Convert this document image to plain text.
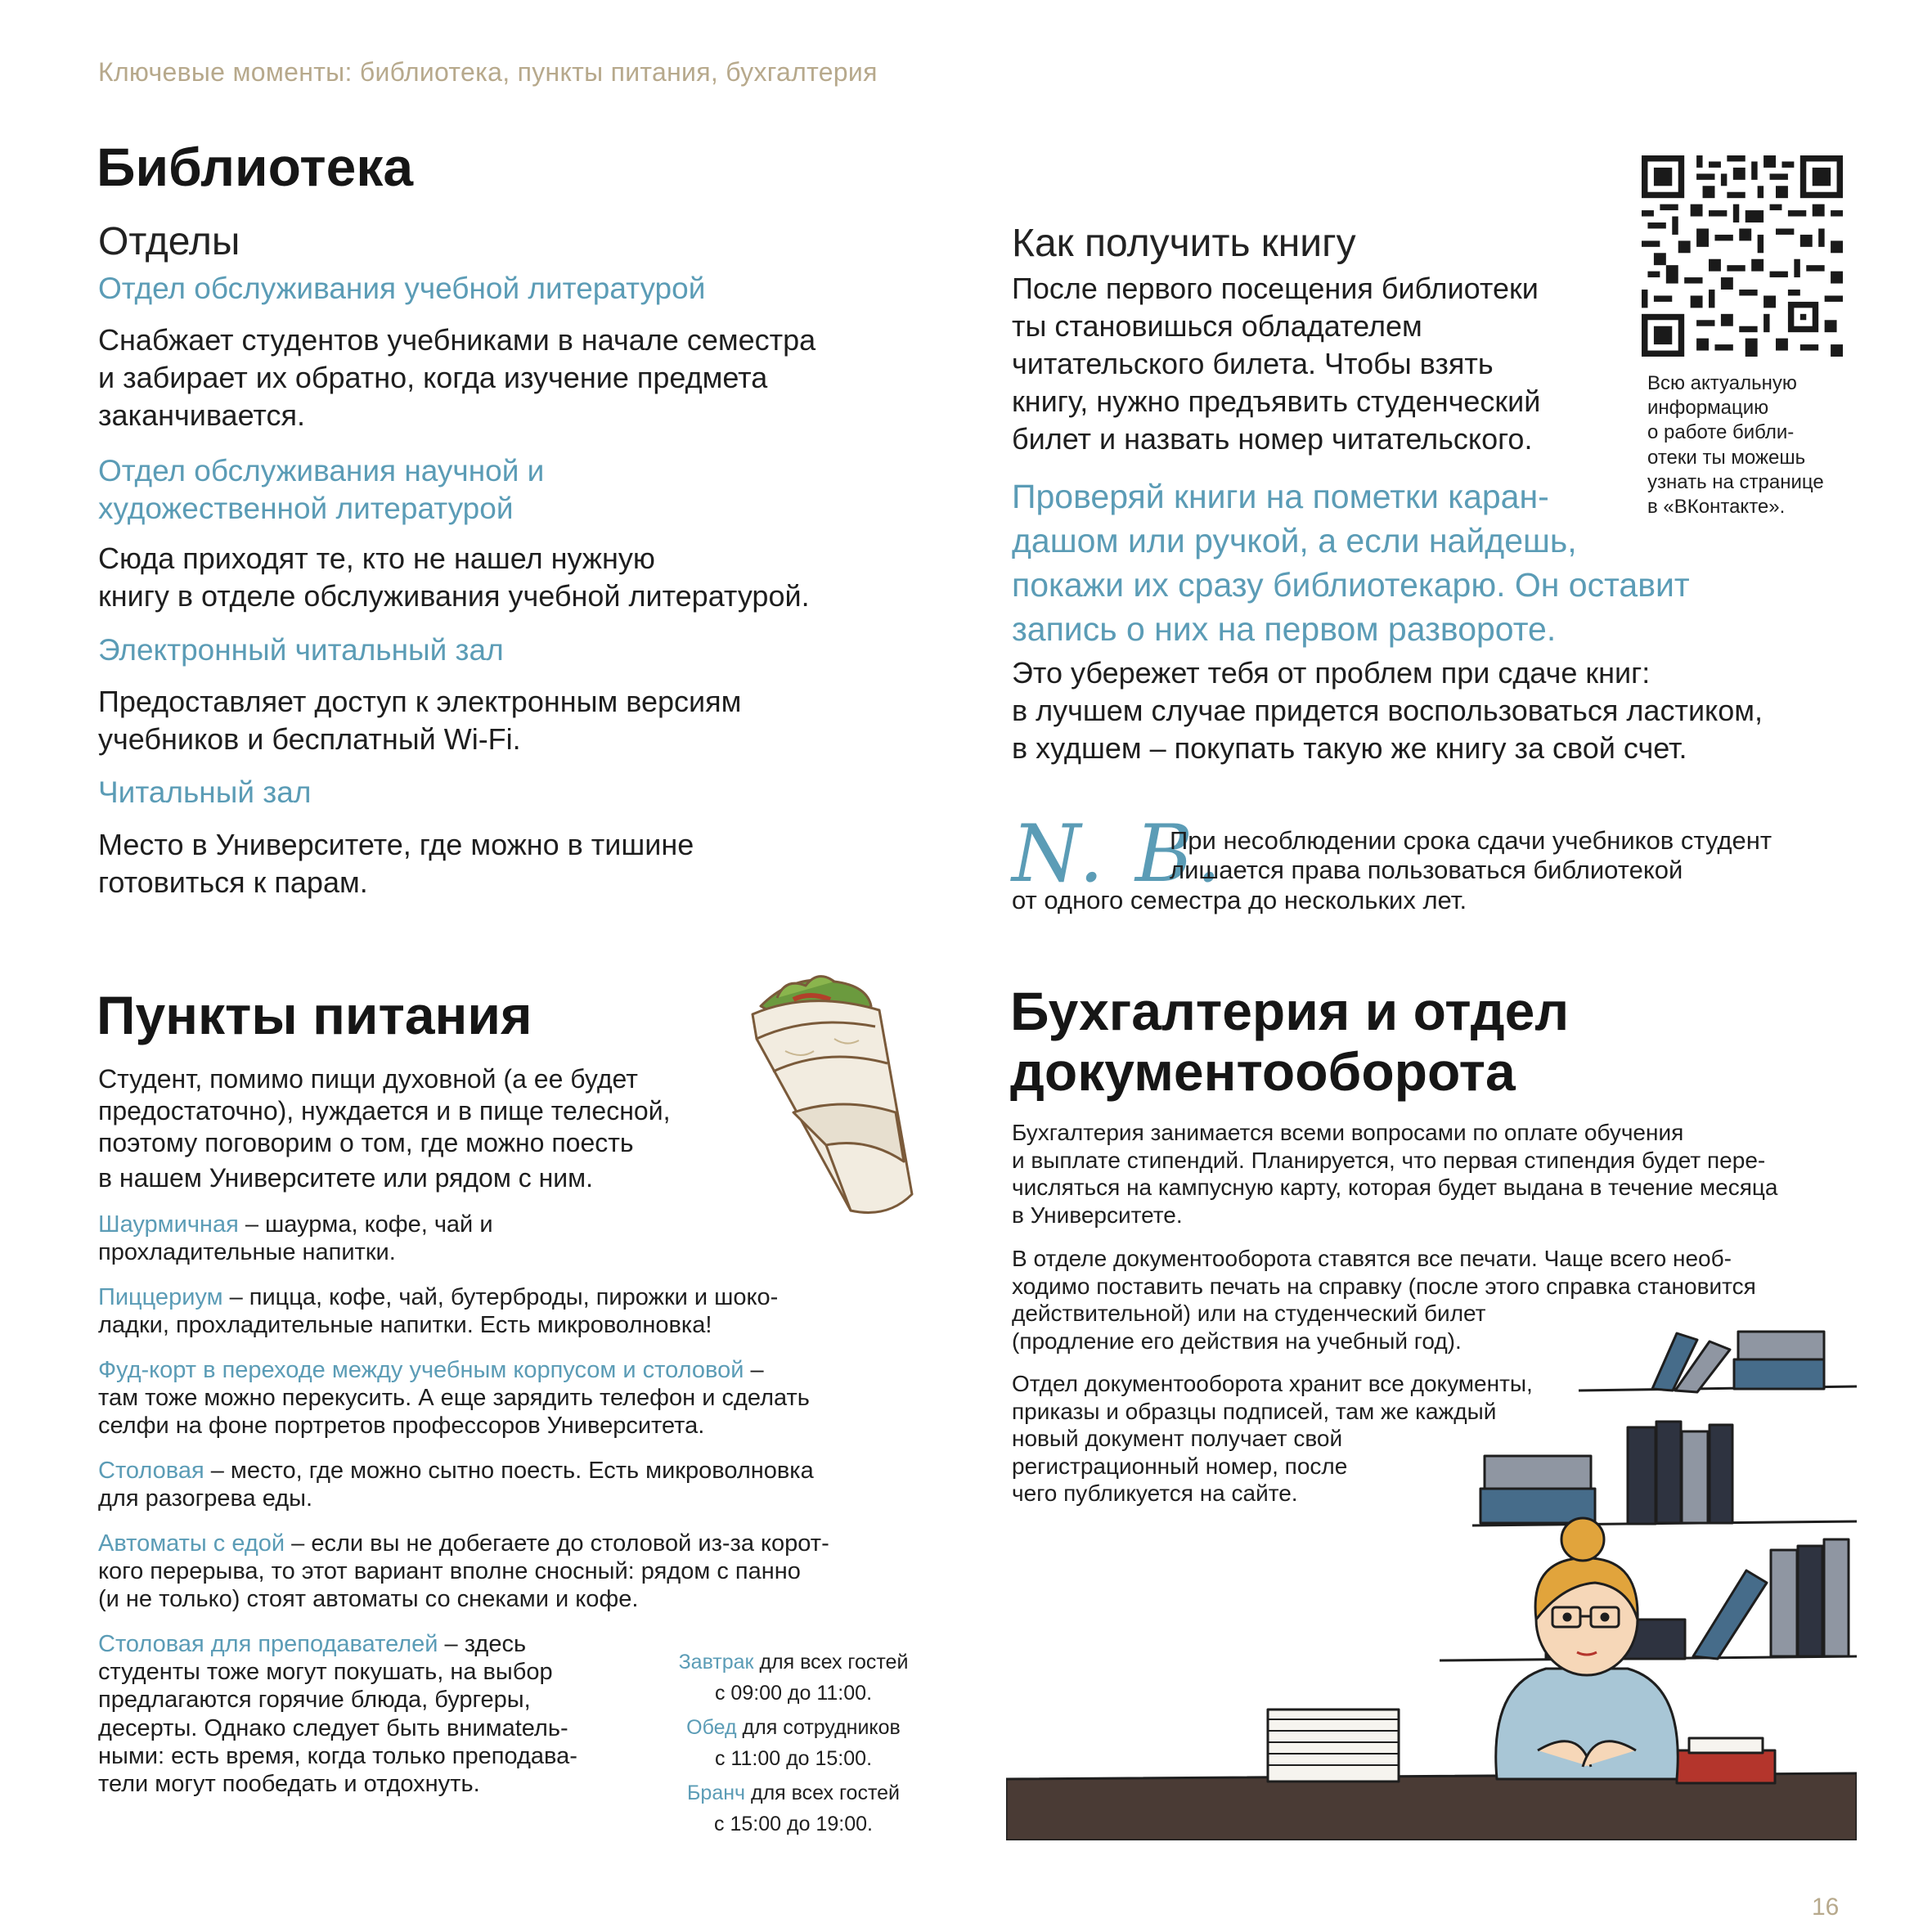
Ключевые моменты: библиотека, пункты питания, бухгалтерия
Библиотека
Отделы
Отдел обслуживания учебной литературой
Снабжает студентов учебниками в начале семестра
и забирает их обратно, когда изучение предмета
заканчивается.
Отдел обслуживания научной и
художественной литературой
Сюда приходят те, кто не нашел нужную
книгу в отделе обслуживания учебной литературой.
Электронный читальный зал
Предоставляет доступ к электронным версиям
учебников и бесплатный Wi-Fi.
Читальный зал
Место в Университете, где можно в тишине
готовиться к парам.
Как получить книгу
После первого посещения библиотеки
ты становишься обладателем
читательского билета. Чтобы взять
книгу, нужно предъявить студенческий
билет и назвать номер читательского.
Всю актуальную
информацию
о работе библи-
отеки ты можешь
узнать на странице
в «ВКонтакте».
Проверяй книги на пометки каран-
дашом или ручкой, а если найдешь,
покажи их сразу библиотекарю. Он оставит
запись о них на первом развороте.
Это убережет тебя от проблем при сдаче книг:
в лучшем случае придется воспользоваться ластиком,
в худшем – покупать такую же книгу за свой счет.
N. B.
При несоблюдении срока сдачи учебников студент
лишается права пользоваться библиотекой
от одного семестра до нескольких лет.
Пункты питания
Студент, помимо пищи духовной (а ее будет
предостаточно), нуждается и в пище телесной,
поэтому поговорим о том, где можно поесть
в нашем Университете или рядом с ним.
Шаурмичная – шаурма, кофе, чай и
прохладительные напитки.
Пиццериум – пицца, кофе, чай, бутерброды, пирожки и шоко-
ладки, прохладительные напитки. Есть микроволновка!
Фуд-корт в переходе между учебным корпусом и столовой –
там тоже можно перекусить. А еще зарядить телефон и сделать
селфи на фоне портретов профессоров Университета.
Столовая – место, где можно сытно поесть. Есть микроволновка
для разогрева еды.
Автоматы с едой – если вы не добегаете до столовой из-за корот-
кого перерыва, то этот вариант вполне сносный: рядом с панно
(и не только) стоят автоматы со снеками и кофе.
Столовая для преподавателей – здесь
студенты тоже могут покушать, на выбор
предлагаются горячие блюда, бургеры,
десерты. Однако следует быть внимatель-
ными: есть время, когда только преподава-
тели могут пообедать и отдохнуть.
Завтрак для всех гостей
с 09:00 до 11:00.
Обед для сотрудников
с 11:00 до 15:00.
Бранч для всех гостей
с 15:00 до 19:00.
Бухгалтерия и отдел
документооборота
Бухгалтерия занимается всеми вопросами по оплате обучения
и выплате стипендий. Планируется, что первая стипендия будет пере-
числяться на кампусную карту, которая будет выдана в течение месяца
в Университете.
В отделе документооборота ставятся все печати. Чаще всего необ-
ходимо поставить печать на справку (после этого справка становится
действительной) или на студенческий билет
(продление его действия на учебный год).
Отдел документооборота хранит все документы,
приказы и образцы подписей, там же каждый
новый документ получает свой
регистрационный номер, после
чего публикуется на сайте.
16
